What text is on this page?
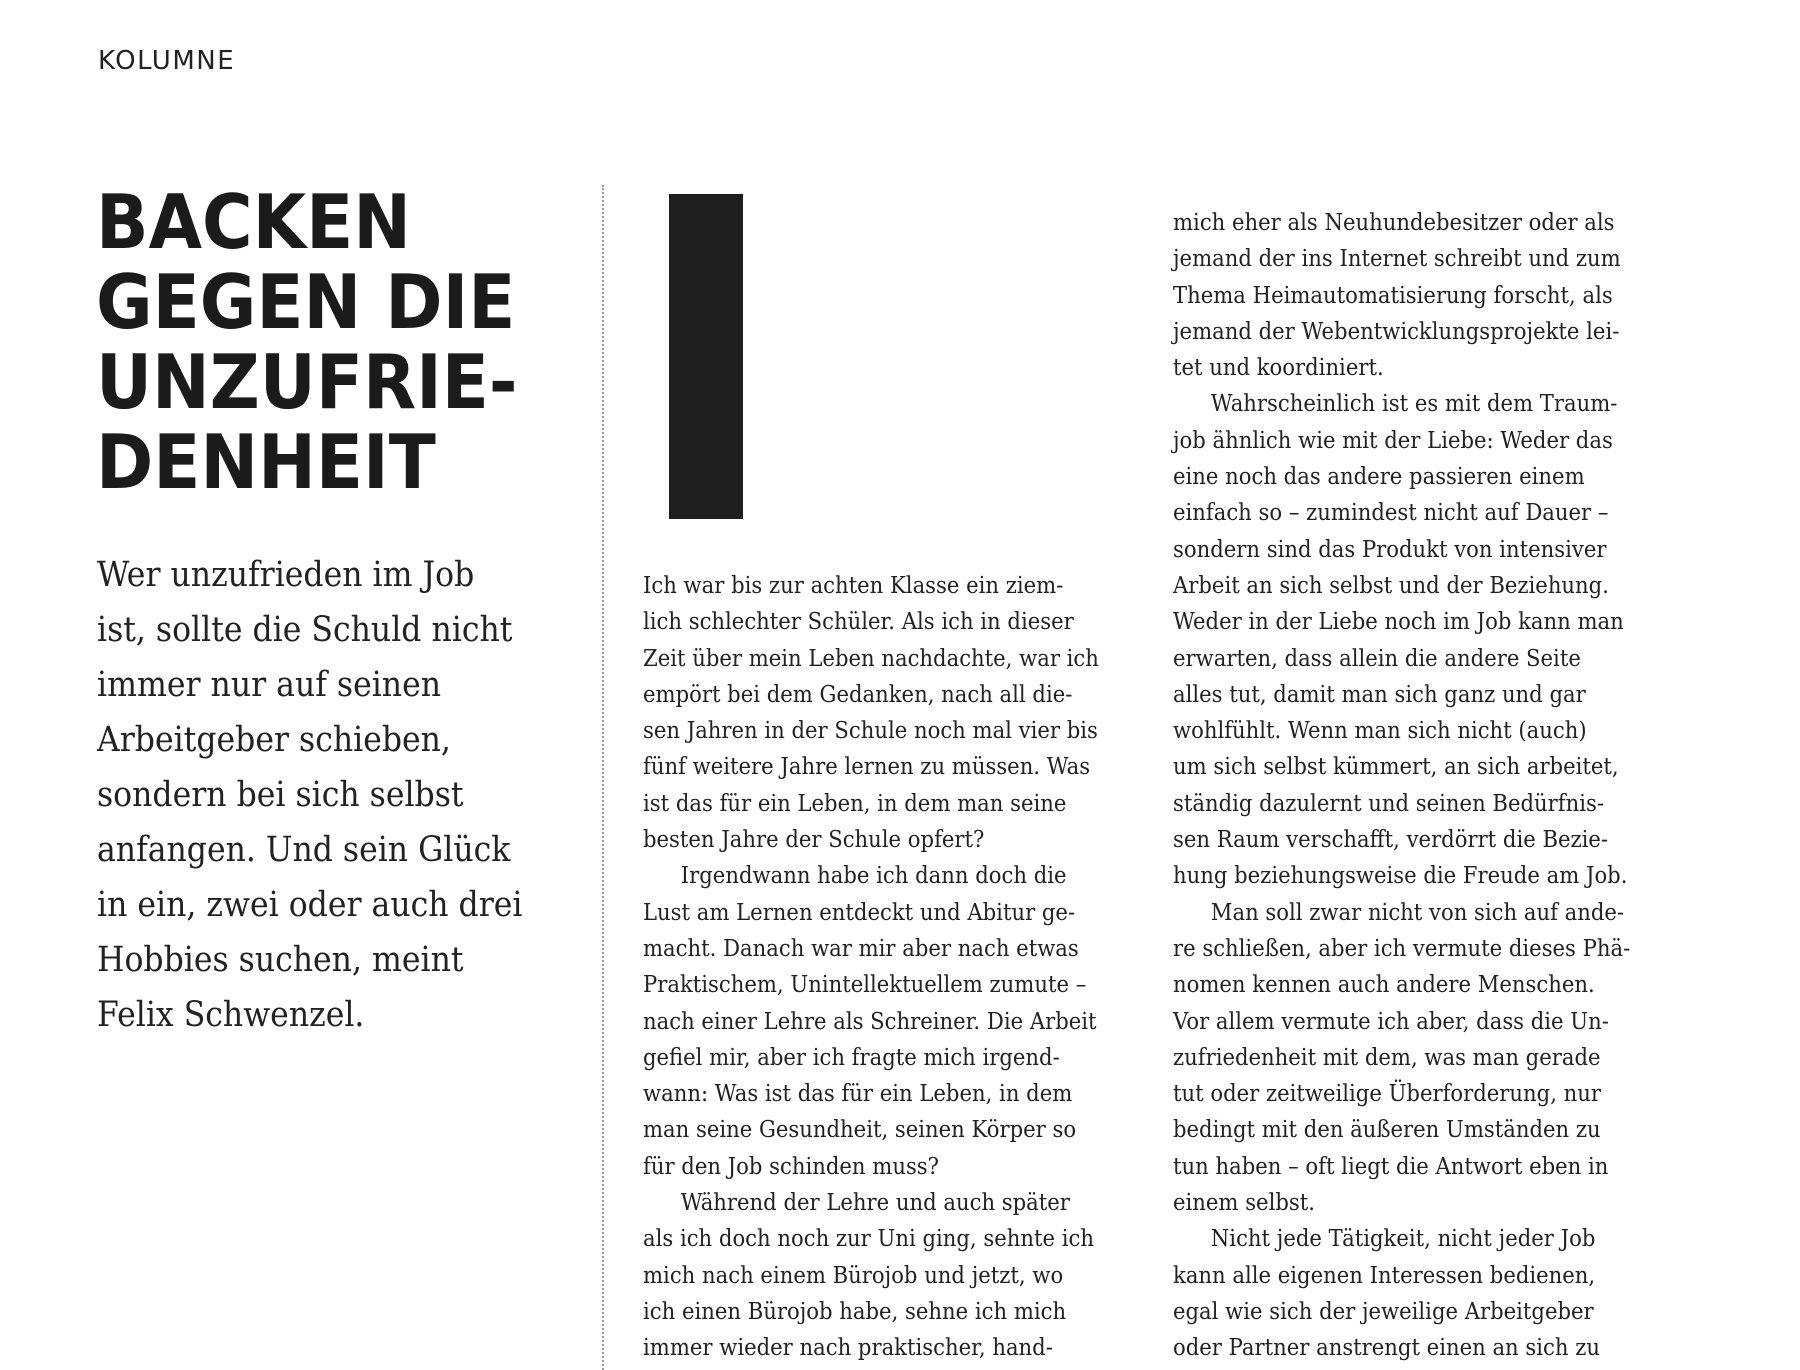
KOLUMNE
BACKEN
GEGEN DIE
UNZUFRIE-
DENHEIT
Wer unzufrieden im Job
ist, sollte die Schuld nicht
immer nur auf seinen
Arbeitgeber schieben,
sondern bei sich selbst
anfangen. Und sein Glück
in ein, zwei oder auch drei
Hobbies suchen, meint
Felix Schwenzel.
Ich war bis zur achten Klasse ein ziem-
lich schlechter Schüler. Als ich in dieser
Zeit über mein Leben nachdachte, war ich
empört bei dem Gedanken, nach all die-
sen Jahren in der Schule noch mal vier bis
fünf weitere Jahre lernen zu müssen. Was
ist das für ein Leben, in dem man seine
besten Jahre der Schule opfert?
Irgendwann habe ich dann doch die
Lust am Lernen entdeckt und Abitur ge-
macht. Danach war mir aber nach etwas
Praktischem, Unintellektuellem zumute –
nach einer Lehre als Schreiner. Die Arbeit
gefiel mir, aber ich fragte mich irgend-
wann: Was ist das für ein Leben, in dem
man seine Gesundheit, seinen Körper so
für den Job schinden muss?
Während der Lehre und auch später
als ich doch noch zur Uni ging, sehnte ich
mich nach einem Bürojob und jetzt, wo
ich einen Bürojob habe, sehne ich mich
immer wieder nach praktischer, hand-
mich eher als Neuhundebesitzer oder als
jemand der ins Internet schreibt und zum
Thema Heimautomatisierung forscht, als
jemand der Webentwicklungsprojekte lei-
tet und koordiniert.
Wahrscheinlich ist es mit dem Traum-
job ähnlich wie mit der Liebe: Weder das
eine noch das andere passieren einem
einfach so – zumindest nicht auf Dauer –
sondern sind das Produkt von intensiver
Arbeit an sich selbst und der Beziehung.
Weder in der Liebe noch im Job kann man
erwarten, dass allein die andere Seite
alles tut, damit man sich ganz und gar
wohlfühlt. Wenn man sich nicht (auch)
um sich selbst kümmert, an sich arbeitet,
ständig dazulernt und seinen Bedürfnis-
sen Raum verschafft, verdörrt die Bezie-
hung beziehungsweise die Freude am Job.
Man soll zwar nicht von sich auf ande-
re schließen, aber ich vermute dieses Phä-
nomen kennen auch andere Menschen.
Vor allem vermute ich aber, dass die Un-
zufriedenheit mit dem, was man gerade
tut oder zeitweilige Überforderung, nur
bedingt mit den äußeren Umständen zu
tun haben – oft liegt die Antwort eben in
einem selbst.
Nicht jede Tätigkeit, nicht jeder Job
kann alle eigenen Interessen bedienen,
egal wie sich der jeweilige Arbeitgeber
oder Partner anstrengt einen an sich zu
